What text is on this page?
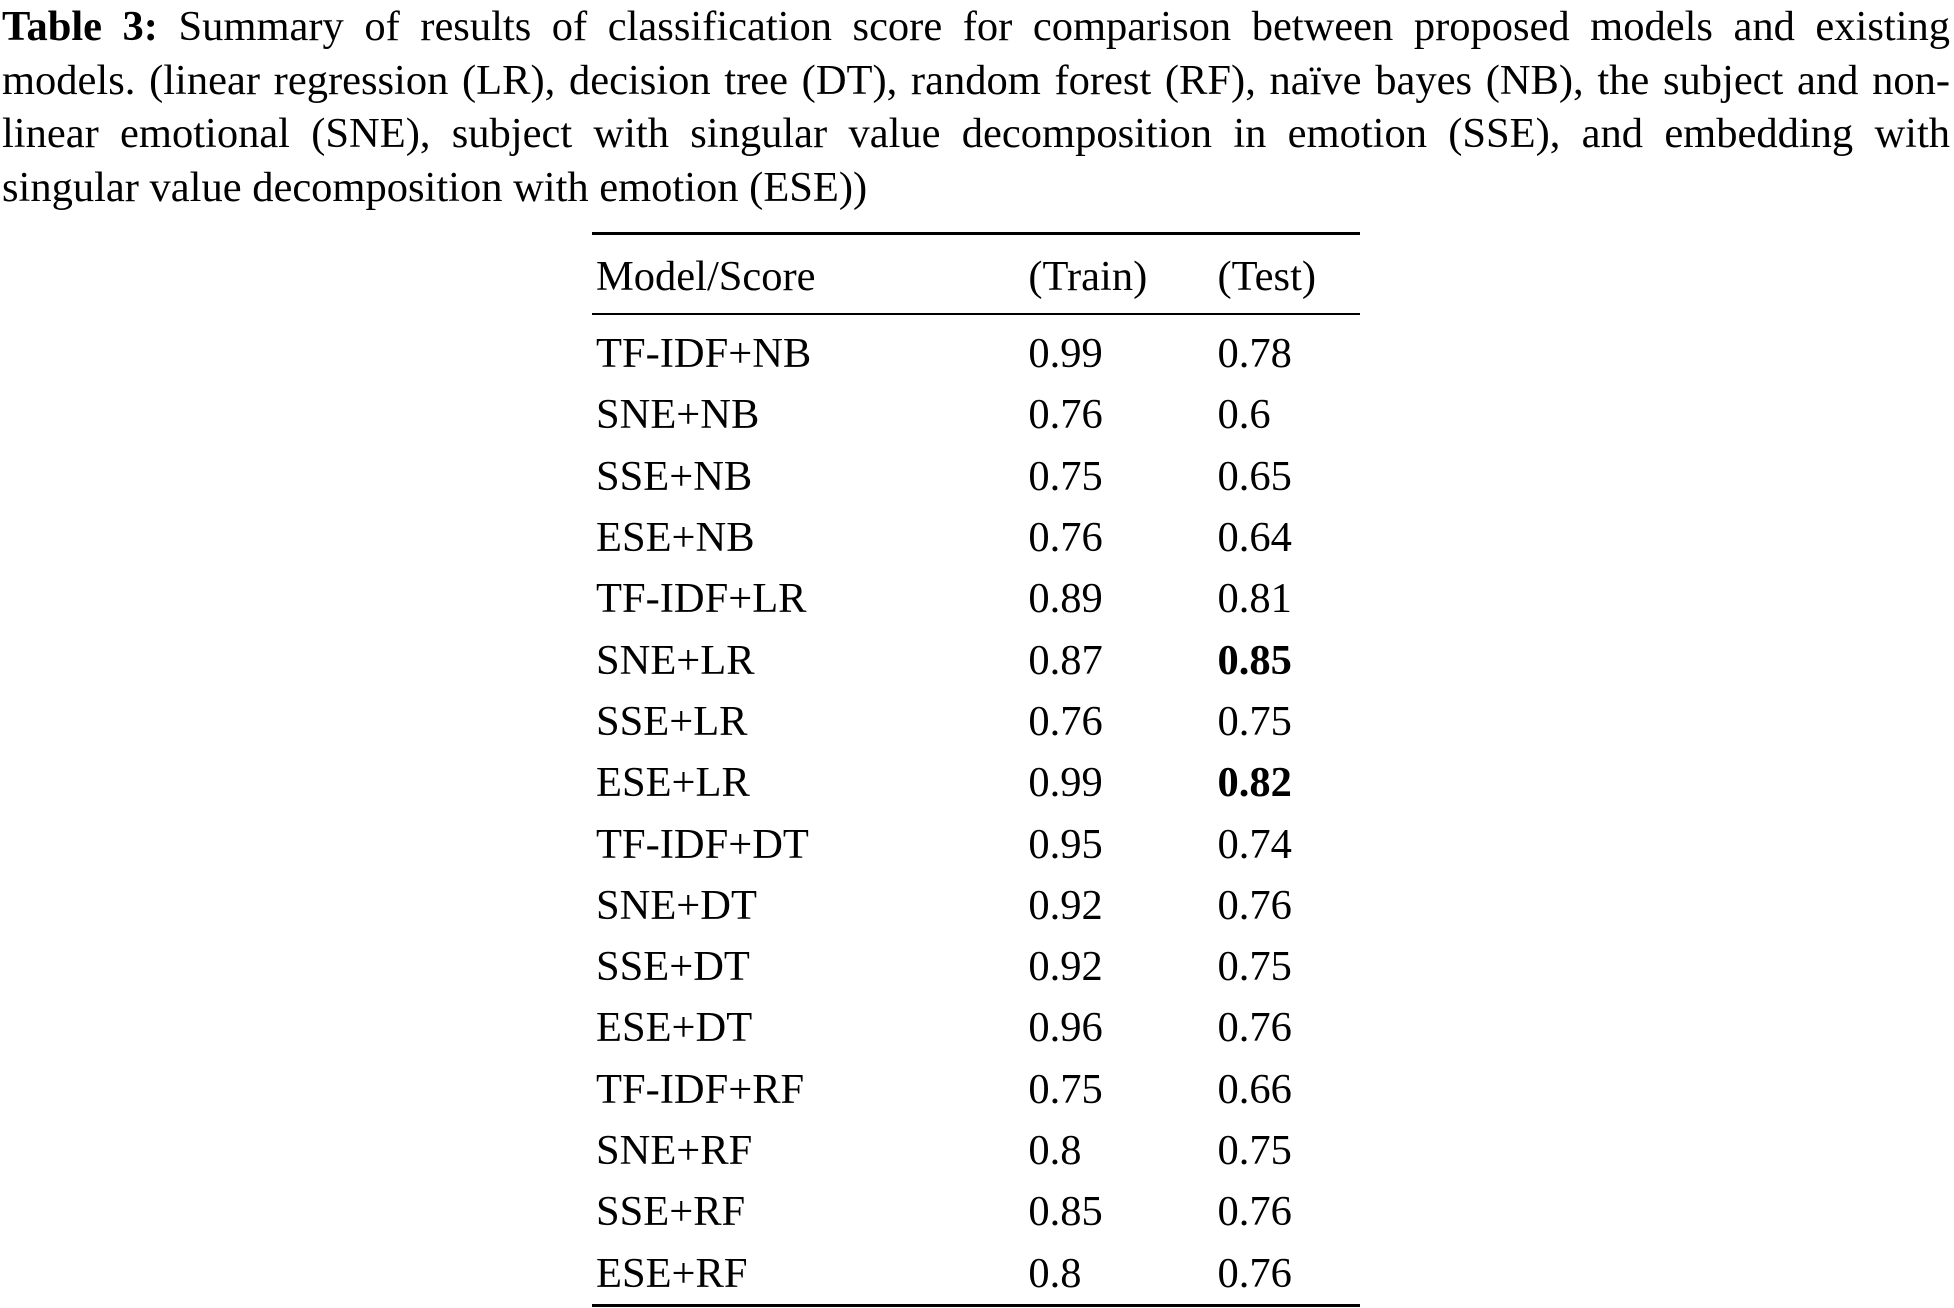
Table 3: Summary of results of classification score for comparison between proposed models and existing models. (linear regression (LR), decision tree (DT), random forest (RF), naïve bayes (NB), the subject and non-linear emotional (SNE), subject with singular value decomposition in emotion (SSE), and embedding with singular value decomposition with emotion (ESE))

Model/Score	(Train)	(Test)
TF-IDF+NB	0.99	0.78
SNE+NB	0.76	0.6
SSE+NB	0.75	0.65
ESE+NB	0.76	0.64
TF-IDF+LR	0.89	0.81
SNE+LR	0.87	0.85
SSE+LR	0.76	0.75
ESE+LR	0.99	0.82
TF-IDF+DT	0.95	0.74
SNE+DT	0.92	0.76
SSE+DT	0.92	0.75
ESE+DT	0.96	0.76
TF-IDF+RF	0.75	0.66
SNE+RF	0.8	0.75
SSE+RF	0.85	0.76
ESE+RF	0.8	0.76
